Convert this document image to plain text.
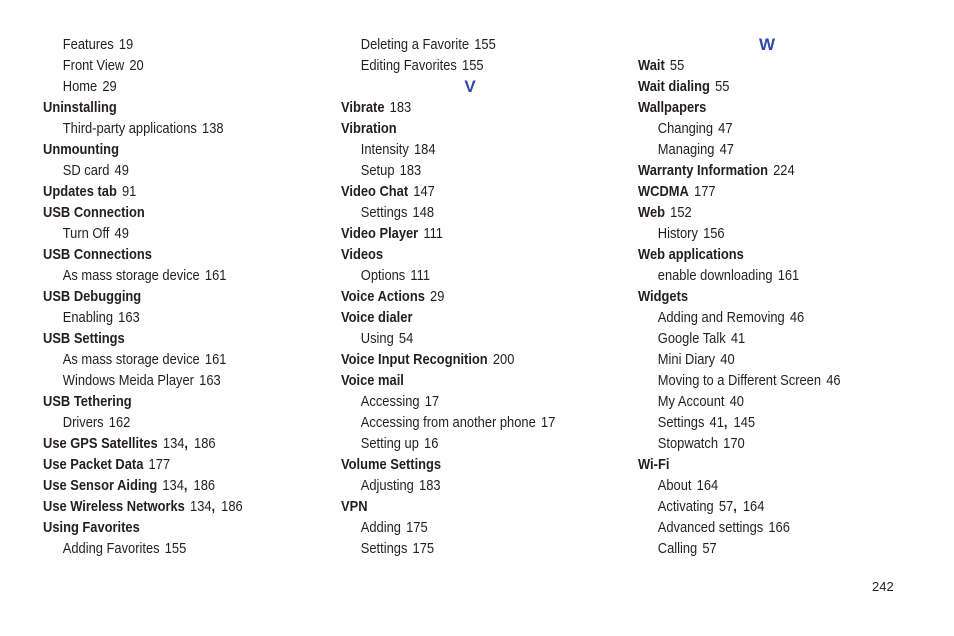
Features 19
Front View 20
Home 29
Uninstalling
Third-party applications 138
Unmounting
SD card 49
Updates tab 91
USB Connection
Turn Off 49
USB Connections
As mass storage device 161
USB Debugging
Enabling 163
USB Settings
As mass storage device 161
Windows Meida Player 163
USB Tethering
Drivers 162
Use GPS Satellites 134, 186
Use Packet Data 177
Use Sensor Aiding 134, 186
Use Wireless Networks 134, 186
Using Favorites
Adding Favorites 155
Deleting a Favorite 155
Editing Favorites 155
V
Vibrate 183
Vibration
Intensity 184
Setup 183
Video Chat 147
Settings 148
Video Player 111
Videos
Options 111
Voice Actions 29
Voice dialer
Using 54
Voice Input Recognition 200
Voice mail
Accessing 17
Accessing from another phone 17
Setting up 16
Volume Settings
Adjusting 183
VPN
Adding 175
Settings 175
W
Wait 55
Wait dialing 55
Wallpapers
Changing 47
Managing 47
Warranty Information 224
WCDMA 177
Web 152
History 156
Web applications
enable downloading 161
Widgets
Adding and Removing 46
Google Talk 41
Mini Diary 40
Moving to a Different Screen 46
My Account 40
Settings 41, 145
Stopwatch 170
Wi-Fi
About 164
Activating 57, 164
Advanced settings 166
Calling 57
242
